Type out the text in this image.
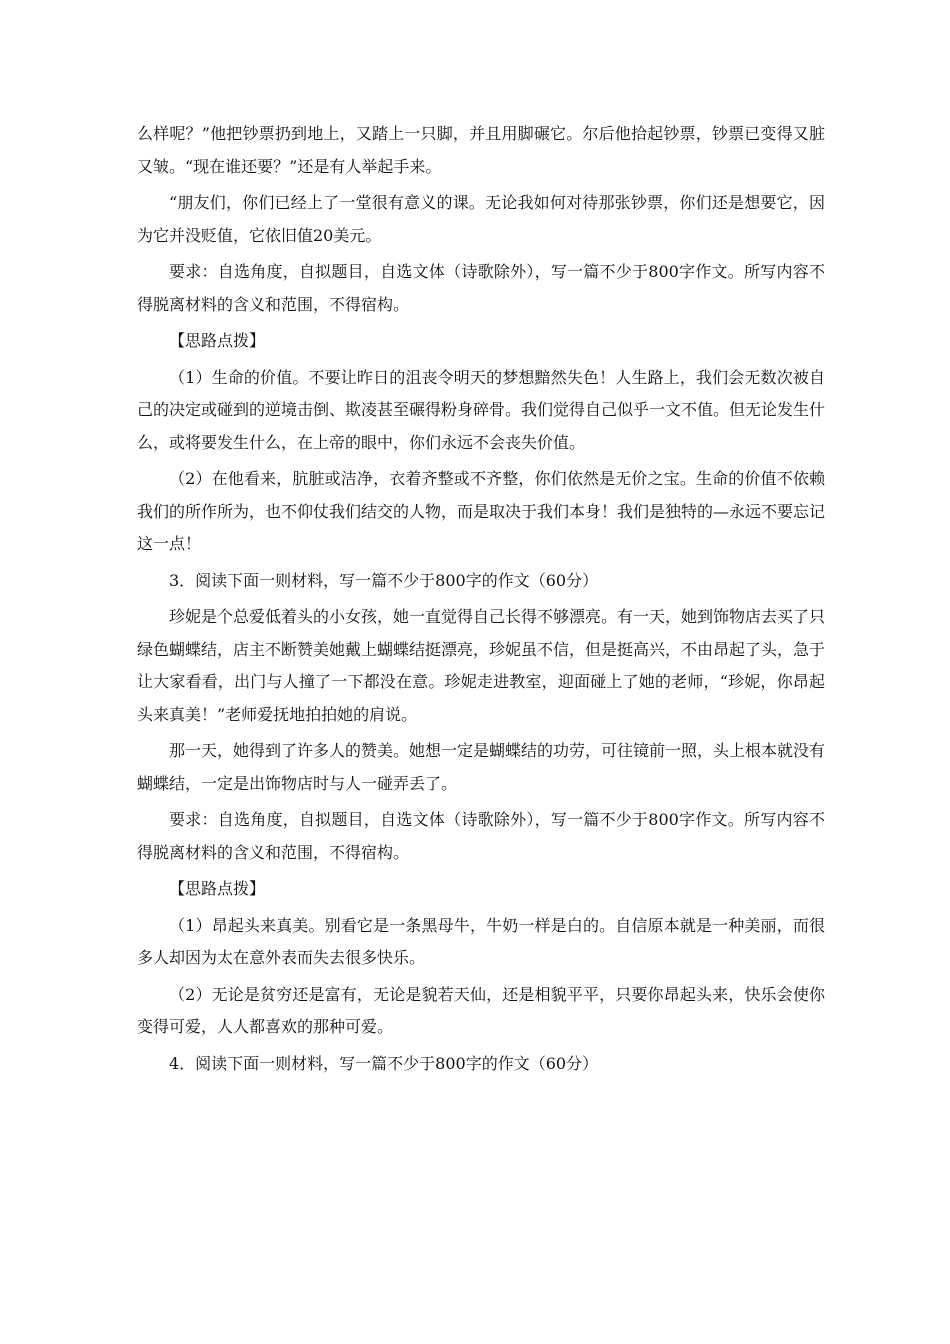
么样呢？”他把钞票扔到地上，又踏上一只脚，并且用脚碾它。尔后他拾起钞票，钞票已变得又脏又皱。“现在谁还要？”还是有人举起手来。

“朋友们，你们已经上了一堂很有意义的课。无论我如何对待那张钞票，你们还是想要它，因为它并没贬值，它依旧值20美元。

要求：自选角度，自拟题目，自选文体（诗歌除外），写一篇不少于800字作文。所写内容不得脱离材料的含义和范围，不得宿构。

【思路点拨】

（1）生命的价值。不要让昨日的沮丧令明天的梦想黯然失色！人生路上，我们会无数次被自己的决定或碰到的逆境击倒、欺凌甚至碾得粉身碎骨。我们觉得自己似乎一文不值。但无论发生什么，或将要发生什么，在上帝的眼中，你们永远不会丧失价值。

（2）在他看来，肮脏或洁净，衣着齐整或不齐整，你们依然是无价之宝。生命的价值不依赖我们的所作所为，也不仰仗我们结交的人物，而是取决于我们本身！我们是独特的—永远不要忘记这一点！

3．阅读下面一则材料，写一篇不少于800字的作文（60分）

珍妮是个总爱低着头的小女孩，她一直觉得自己长得不够漂亮。有一天，她到饰物店去买了只绿色蝴蝶结，店主不断赞美她戴上蝴蝶结挺漂亮，珍妮虽不信，但是挺高兴，不由昂起了头，急于让大家看看，出门与人撞了一下都没在意。珍妮走进教室，迎面碰上了她的老师，“珍妮，你昂起头来真美！”老师爱抚地拍拍她的肩说。

那一天，她得到了许多人的赞美。她想一定是蝴蝶结的功劳，可往镜前一照，头上根本就没有蝴蝶结，一定是出饰物店时与人一碰弄丢了。

要求：自选角度，自拟题目，自选文体（诗歌除外），写一篇不少于800字作文。所写内容不得脱离材料的含义和范围，不得宿构。

【思路点拨】

（1）昂起头来真美。别看它是一条黑母牛，牛奶一样是白的。自信原本就是一种美丽，而很多人却因为太在意外表而失去很多快乐。

（2）无论是贫穷还是富有，无论是貌若天仙，还是相貌平平，只要你昂起头来，快乐会使你变得可爱，人人都喜欢的那种可爱。

4．阅读下面一则材料，写一篇不少于800字的作文（60分）
